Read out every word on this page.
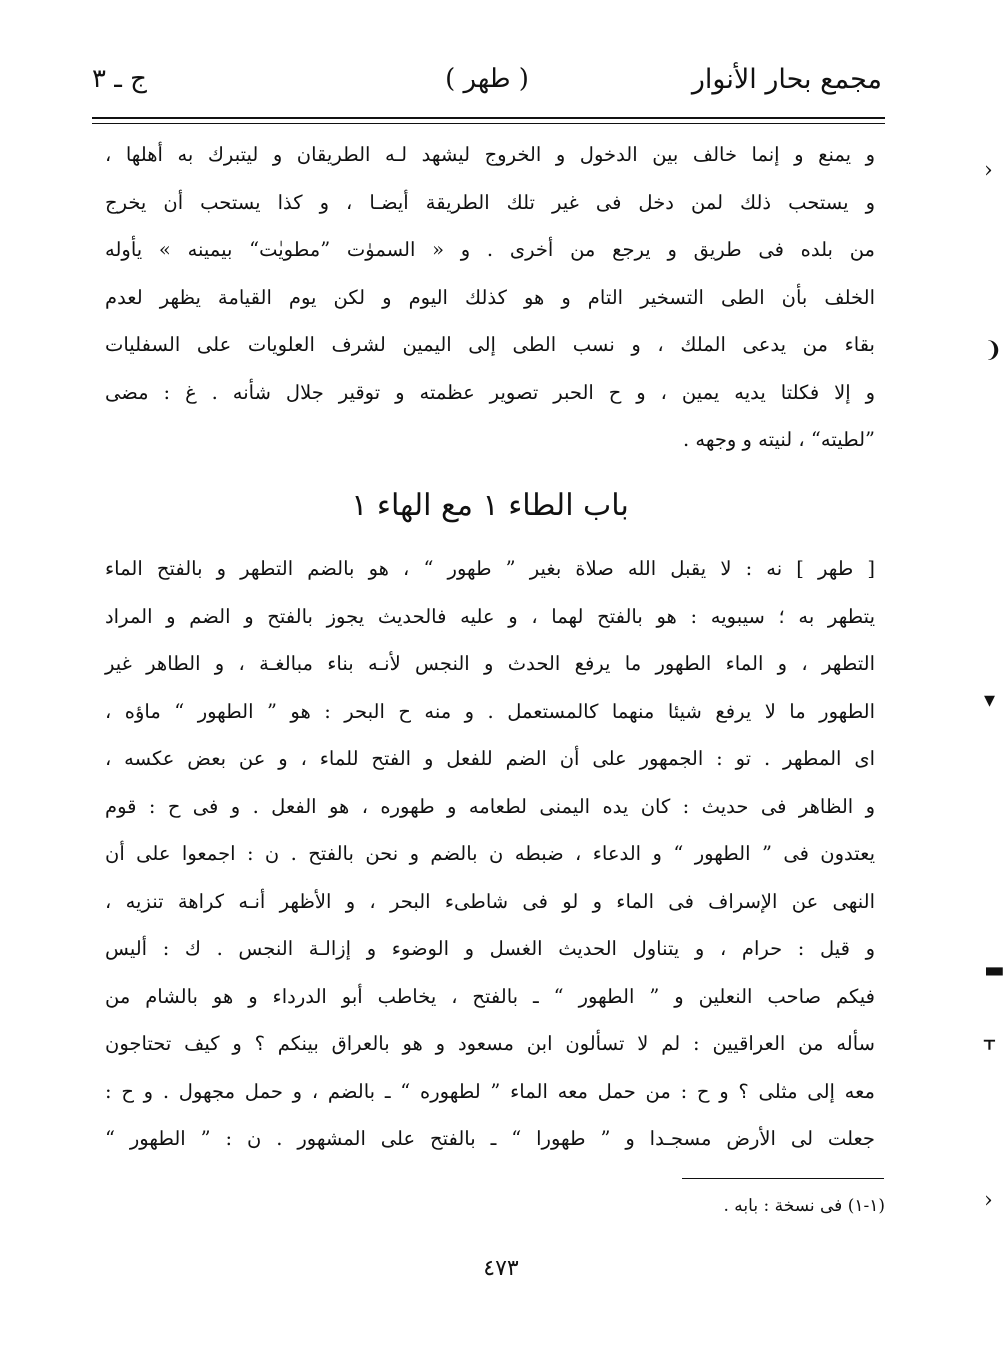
مجمع بحار الأنوار
( طهر )
ج ـ ٣
و يمنع و إنما خالف بين الدخول و الخروج ليشهد لـه الطريقان و ليتبرك به أهلها ،
و يستحب ذلك لمن دخل فى غير تلك الطريقة أيضـا ، و كذا يستحب أن يخرج
من بلده فى طريق و يرجع من أخرى . و « السموٰت ”مطويٰت“ بيمينه » يأوله
الخلف بأن الطى التسخير التام و هو كذلك اليوم و لكن يوم القيامة يظهر لعدم
بقاء من يدعى الملك ، و نسب الطى إلى اليمين لشرف العلويات على السفليات
و إلا فكلتا يديه يمين ، و ح الحبر تصوير عظمته و توقير جلال شأنه . غ : مضى
”لطيته“ ، لنيته و وجهه .
باب الطاء ١ مع الهاء ١
[ طهر ] نه : لا يقبل الله صلاة بغير ” طهور “ ، هو بالضم التطهر و بالفتح الماء
يتطهر به ؛ سيبويه : هو بالفتح لهما ، و عليه فالحديث يجوز بالفتح و الضم و المراد
التطهر ، و الماء الطهور ما يرفع الحدث و النجس لأنـه بناء مبالغـة ، و الطاهر غير
الطهور ما لا يرفع شيئا منهما كالمستعمل . و منه ح البحر : هو ” الطهور “ ماؤه ،
اى المطهر . تو : الجمهور على أن الضم للفعل و الفتح للماء ، و عن بعض عكسه ،
و الظاهر فى حديث : كان يده اليمنى لطعامه و طهوره ، هو الفعل . و فى ح : قوم
يعتدون فى ” الطهور “ و الدعاء ، ضبطه ن بالضم و نحن بالفتح . ن : اجمعوا على أن
النهى عن الإسراف فى الماء و لو فى شاطىء البحر ، و الأظهر أنـه كراهة تنزيه ،
و قيل : حرام ، و يتناول الحديث الغسل و الوضوء و إزالـة النجس . ك : أليس
فيكم صاحب النعلين و ” الطهور “ ـ بالفتح ، يخاطب أبو الدرداء و هو بالشام من
سأله من العراقيين : لم لا تسألون ابن مسعود و هو بالعراق بينكم ؟ و كيف تحتاجون
معه إلى مثلى ؟ و ح : من حمل معه الماء ” لطهوره “ ـ بالضم ، و حمل مجهول . و ح :
جعلت لى الأرض مسجـدا و ” طهورا “ ـ بالفتح على المشهور . ن : ” الطهور “
(١-١) فى نسخة : بابه .
٤٧٣
›
❩
▾
▬
ᚁ
›
